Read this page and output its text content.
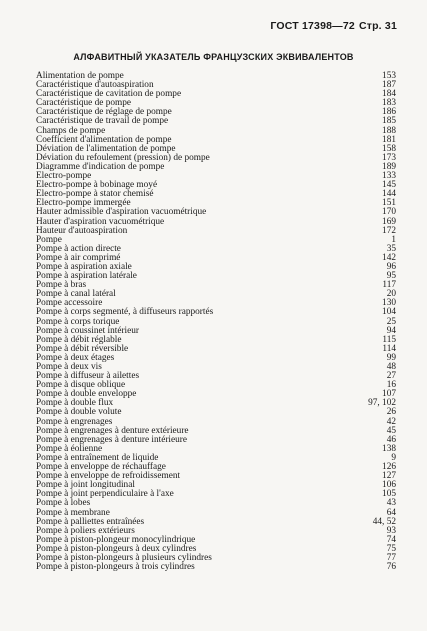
ГОСТ 17398—72 Стр. 31
АЛФАВИТНЫЙ УКАЗАТЕЛЬ ФРАНЦУЗСКИХ ЭКВИВАЛЕНТОВ
Alimentation de pompe	153
Caractéristique d'autoaspiration	187
Caractéristique de cavitation de pompe	184
Caractéristique de pompe	183
Caractéristique de réglage de pompe	186
Caractéristique de travail de pompe	185
Champs de pompe	188
Coefficient d'alimentation de pompe	181
Déviation de l'alimentation de pompe	158
Déviation du refoulement (pression) de pompe	173
Diagramme d'indication de pompe	189
Electro-pompe	133
Electro-pompe à bobinage moyé	145
Electro-pompe à stator chemisé	144
Electro-pompe immergée	151
Hauter admissible d'aspiration vacuométrique	170
Hauter d'aspiration vacuométrique	169
Hauteur d'autoaspiration	172
Pompe	1
Pompe à action directe	35
Pompe à air comprimé	142
Pompe à aspiration axiale	96
Pompe à aspiration latérale	95
Pompe à bras	117
Pompe à canal latéral	20
Pompe accessoire	130
Pompe à corps segmenté, à diffuseurs rapportés	104
Pompe à corps torique	25
Pompe à coussinet intérieur	94
Pompe à débit réglable	115
Pompe à débit réversible	114
Pompe à deux étages	99
Pompe à deux vis	48
Pompe à diffuseur à ailettes	27
Pompe à disque oblique	16
Pompe à double enveloppe	107
Pompe à double flux	97, 102
Pompe à double volute	26
Pompe à engrenages	42
Pompe à engrenages à denture extérieure	45
Pompe à engrenages à denture intérieure	46
Pompe à éolienne	138
Pompe à entraînement de liquide	9
Pompe à enveloppe de réchauffage	126
Pompe à enveloppe de refroidissement	127
Pompe à joint longitudinal	106
Pompe à joint perpendiculaire à l'axe	105
Pompe à lobes	43
Pompe à membrane	64
Pompe à palliettes entraînées	44, 52
Pompe à poliers extérieurs	93
Pompe à piston-plongeur monocylindrique	74
Pompe à piston-plongeurs à deux cylindres	75
Pompe à piston-plongeurs à plusieurs cylindres	77
Pompe à piston-plongeurs à trois cylindres	76
